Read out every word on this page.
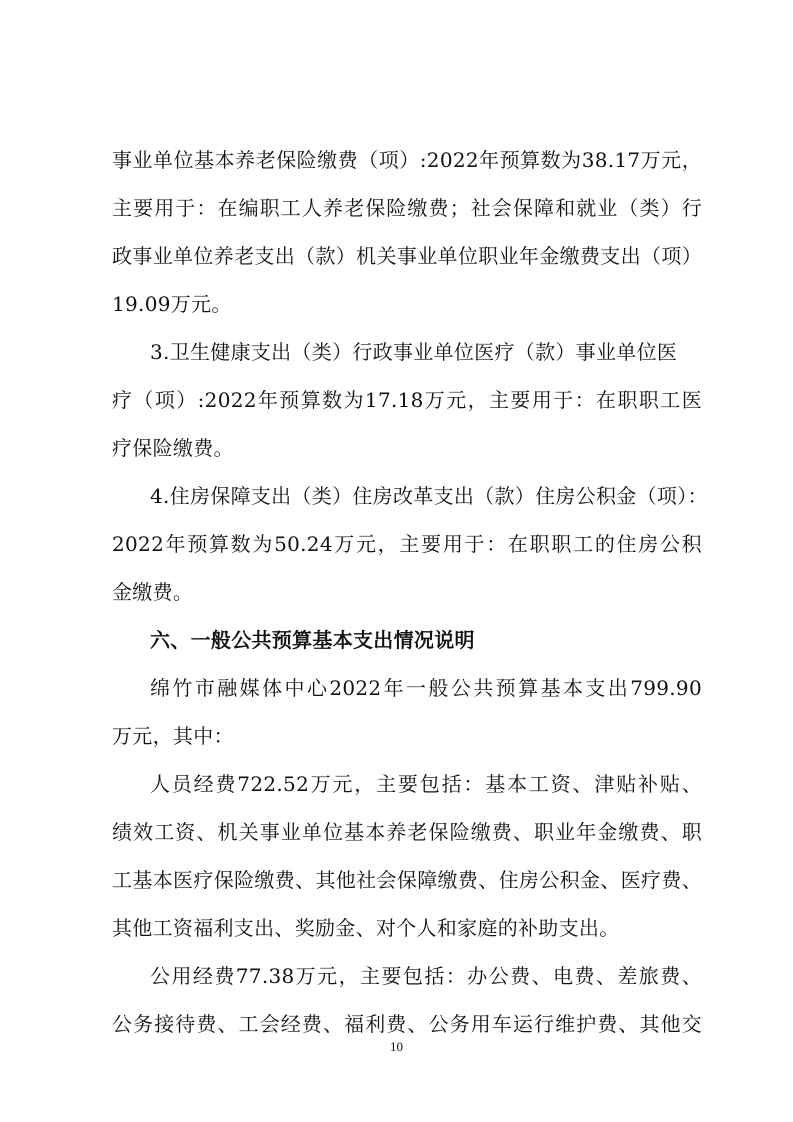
事业单位基本养老保险缴费（项）:2022年预算数为38.17万元，
主要用于：在编职工人养老保险缴费；社会保障和就业（类）行
政事业单位养老支出（款）机关事业单位职业年金缴费支出（项）
19.09万元。
3.卫生健康支出（类）行政事业单位医疗（款）事业单位医
疗（项）:2022年预算数为17.18万元，主要用于：在职职工医
疗保险缴费。
4.住房保障支出（类）住房改革支出（款）住房公积金（项）：
2022年预算数为50.24万元，主要用于：在职职工的住房公积
金缴费。
六、一般公共预算基本支出情况说明
绵竹市融媒体中心2022年一般公共预算基本支出799.90
万元，其中：
人员经费722.52万元，主要包括：基本工资、津贴补贴、
绩效工资、机关事业单位基本养老保险缴费、职业年金缴费、职
工基本医疗保险缴费、其他社会保障缴费、住房公积金、医疗费、
其他工资福利支出、奖励金、对个人和家庭的补助支出。
公用经费77.38万元，主要包括：办公费、电费、差旅费、
公务接待费、工会经费、福利费、公务用车运行维护费、其他交
10
